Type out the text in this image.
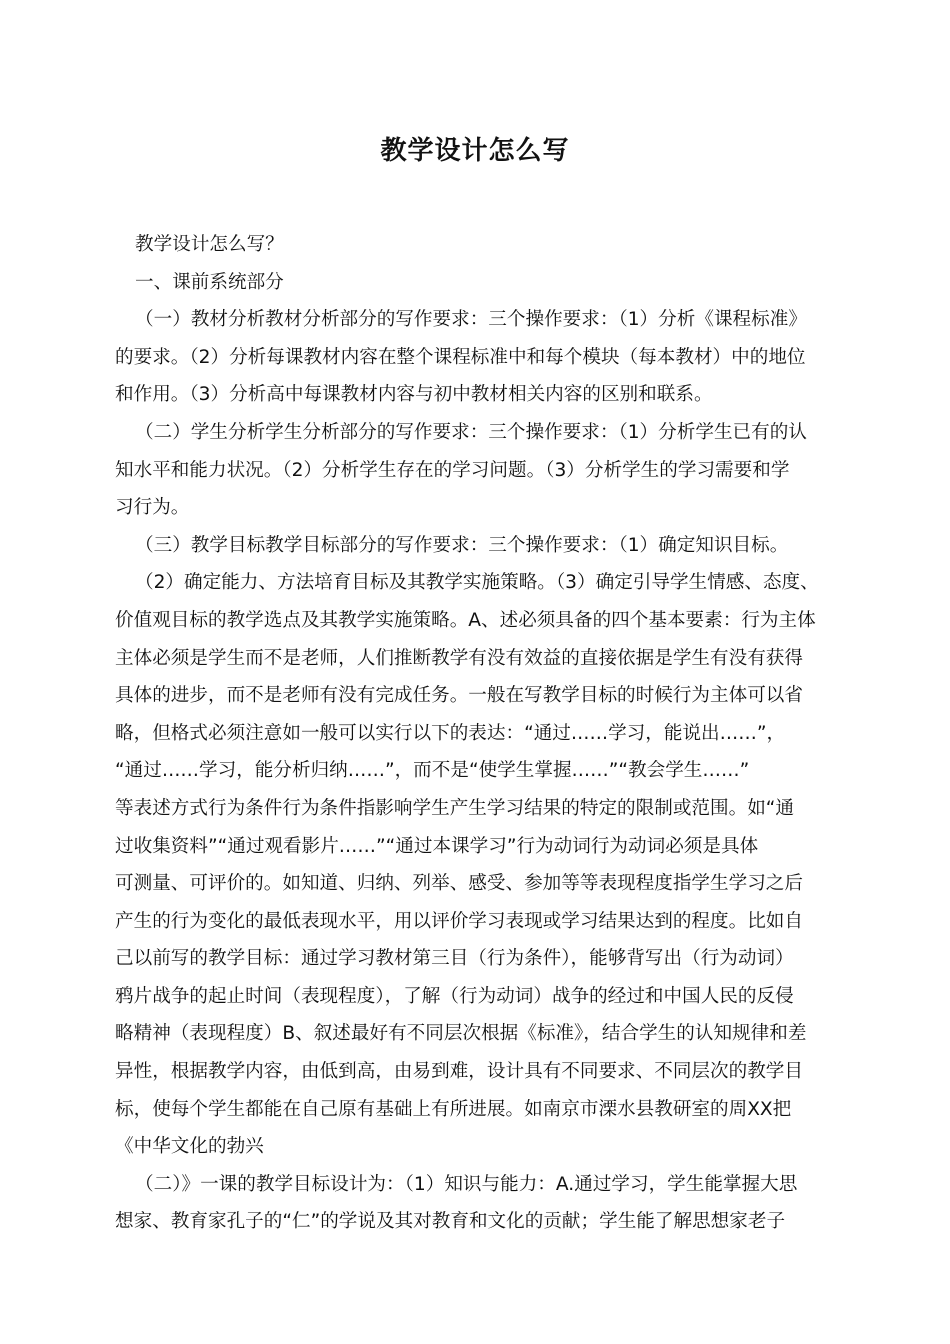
教学设计怎么写
教学设计怎么写？
一、课前系统部分
（一）教材分析教材分析部分的写作要求：三个操作要求：（1）分析《课程标准》
的要求。（2）分析每课教材内容在整个课程标准中和每个模块（每本教材）中的地位
和作用。（3）分析高中每课教材内容与初中教材相关内容的区别和联系。
（二）学生分析学生分析部分的写作要求：三个操作要求：（1）分析学生已有的认
知水平和能力状况。（2）分析学生存在的学习问题。（3）分析学生的学习需要和学
习行为。
（三）教学目标教学目标部分的写作要求：三个操作要求：（1）确定知识目标。
（2）确定能力、方法培育目标及其教学实施策略。（3）确定引导学生情感、态度、
价值观目标的教学选点及其教学实施策略。A、述必须具备的四个基本要素：行为主体
主体必须是学生而不是老师，人们推断教学有没有效益的直接依据是学生有没有获得
具体的进步，而不是老师有没有完成任务。一般在写教学目标的时候行为主体可以省
略，但格式必须注意如一般可以实行以下的表达：“通过……学习，能说出……”，
“通过……学习，能分析归纳……”，而不是“使学生掌握……”“教会学生……”
等表述方式行为条件行为条件指影响学生产生学习结果的特定的限制或范围。如“通
过收集资料”“通过观看影片……”“通过本课学习”行为动词行为动词必须是具体
可测量、可评价的。如知道、归纳、列举、感受、参加等等表现程度指学生学习之后
产生的行为变化的最低表现水平，用以评价学习表现或学习结果达到的程度。比如自
己以前写的教学目标：通过学习教材第三目（行为条件），能够背写出（行为动词）
鸦片战争的起止时间（表现程度），了解（行为动词）战争的经过和中国人民的反侵
略精神（表现程度）B、叙述最好有不同层次根据《标准》，结合学生的认知规律和差
异性，根据教学内容，由低到高，由易到难，设计具有不同要求、不同层次的教学目
标，使每个学生都能在自己原有基础上有所进展。如南京市溧水县教研室的周XX把
《中华文化的勃兴
（二）》一课的教学目标设计为：（1）知识与能力：A.通过学习，学生能掌握大思
想家、教育家孔子的“仁”的学说及其对教育和文化的贡献；学生能了解思想家老子
